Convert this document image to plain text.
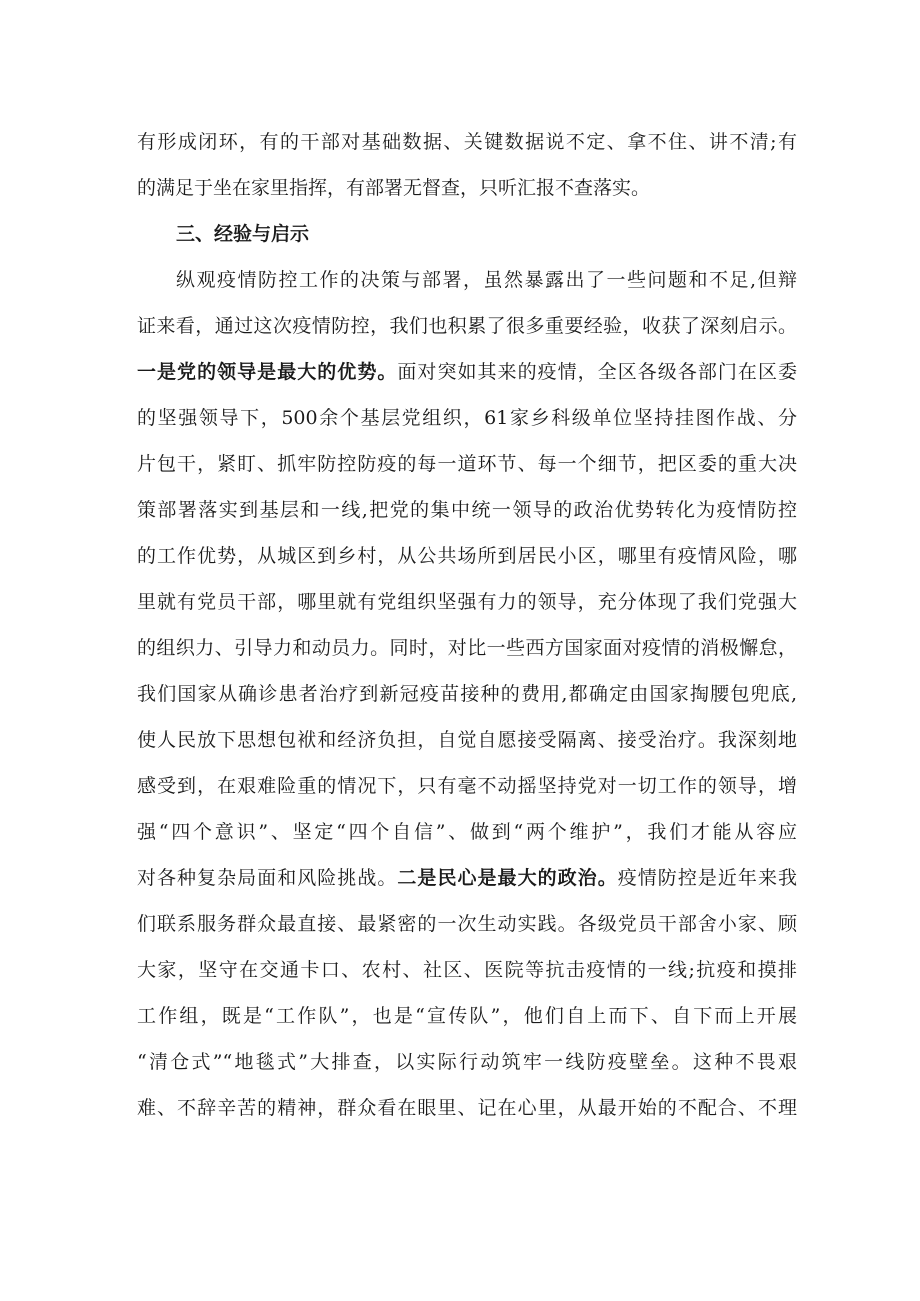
有形成闭环，有的干部对基础数据、关键数据说不定、拿不住、讲不清;有
的满足于坐在家里指挥，有部署无督查，只听汇报不查落实。
三、经验与启示
纵观疫情防控工作的决策与部署，虽然暴露出了一些问题和不足,但辩
证来看，通过这次疫情防控，我们也积累了很多重要经验，收获了深刻启示。
一是党的领导是最大的优势。面对突如其来的疫情，全区各级各部门在区委
的坚强领导下，500余个基层党组织，61家乡科级单位坚持挂图作战、分
片包干，紧盯、抓牢防控防疫的每一道环节、每一个细节，把区委的重大决
策部署落实到基层和一线,把党的集中统一领导的政治优势转化为疫情防控
的工作优势，从城区到乡村，从公共场所到居民小区，哪里有疫情风险，哪
里就有党员干部，哪里就有党组织坚强有力的领导，充分体现了我们党强大
的组织力、引导力和动员力。同时，对比一些西方国家面对疫情的消极懈怠，
我们国家从确诊患者治疗到新冠疫苗接种的费用,都确定由国家掏腰包兜底,
使人民放下思想包袱和经济负担，自觉自愿接受隔离、接受治疗。我深刻地
感受到，在艰难险重的情况下，只有毫不动摇坚持党对一切工作的领导，增
强“四个意识”、坚定“四个自信”、做到“两个维护”，我们才能从容应
对各种复杂局面和风险挑战。二是民心是最大的政治。疫情防控是近年来我
们联系服务群众最直接、最紧密的一次生动实践。各级党员干部舍小家、顾
大家，坚守在交通卡口、农村、社区、医院等抗击疫情的一线;抗疫和摸排
工作组，既是“工作队”，也是“宣传队”，他们自上而下、自下而上开展
“清仓式”“地毯式”大排查，以实际行动筑牢一线防疫壁垒。这种不畏艰
难、不辞辛苦的精神，群众看在眼里、记在心里，从最开始的不配合、不理
